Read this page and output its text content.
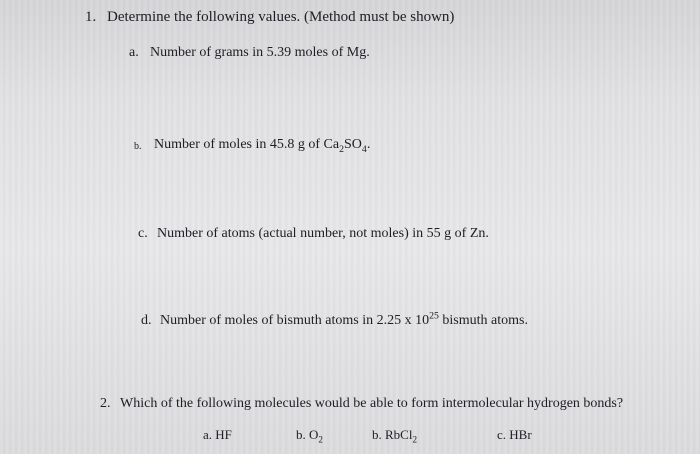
1. Determine the following values. (Method must be shown)
a. Number of grams in 5.39 moles of Mg.
b. Number of moles in 45.8 g of $Ca_2SO_4$.
c. Number of atoms (actual number, not moles) in 55 g of Zn.
d. Number of moles of bismuth atoms in 2.25 x $10^{25}$ bismuth atoms.
2. Which of the following molecules would be able to form intermolecular hydrogen bonds?
a. HF	b. $O_2$	b. RbCl$_2$	c. HBr
